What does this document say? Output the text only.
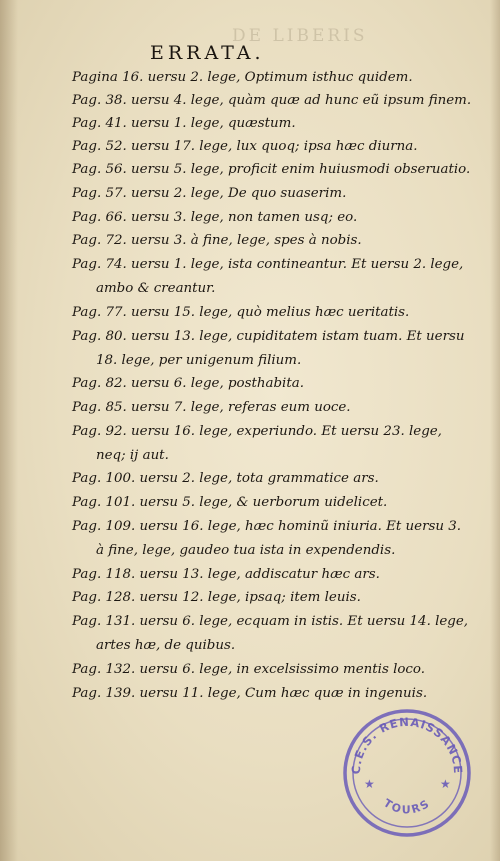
DE LIBERIS
ERRATA.
Pagina 16. uersu 2. lege, Optimum isthuc quidem.
Pag. 38. uersu 4. lege, quàm quæ ad hunc eũ ipsum finem.
Pag. 41. uersu 1. lege, quæstum.
Pag. 52. uersu 17. lege, lux quoq; ipsa hæc diurna.
Pag. 56. uersu 5. lege, proficit enim huiusmodi obseruatio.
Pag. 57. uersu 2. lege, De quo suaserim.
Pag. 66. uersu 3. lege, non tamen usq; eo.
Pag. 72. uersu 3. à fine, lege, spes à nobis.
Pag. 74. uersu 1. lege, ista contineantur. Et uersu 2. lege,
ambo & creantur.
Pag. 77. uersu 15. lege, quò melius hæc ueritatis.
Pag. 80. uersu 13. lege, cupiditatem istam tuam. Et uersu
18. lege, per unigenum filium.
Pag. 82. uersu 6. lege, posthabita.
Pag. 85. uersu 7. lege, referas eum uoce.
Pag. 92. uersu 16. lege, experiundo. Et uersu 23. lege,
neq; ij aut.
Pag. 100. uersu 2. lege, tota grammatice ars.
Pag. 101. uersu 5. lege, & uerborum uidelicet.
Pag. 109. uersu 16. lege, hæc hominũ iniuria. Et uersu 3.
à fine, lege, gaudeo tua ista in expendendis.
Pag. 118. uersu 13. lege, addiscatur hæc ars.
Pag. 128. uersu 12. lege, ipsaq; item leuis.
Pag. 131. uersu 6. lege, ecquam in istis. Et uersu 14. lege,
artes hæ, de quibus.
Pag. 132. uersu 6. lege, in excelsissimo mentis loco.
Pag. 139. uersu 11. lege, Cum hæc quæ in ingenuis.
C.E.S. RENAISSANCE
TOURS
★	★
